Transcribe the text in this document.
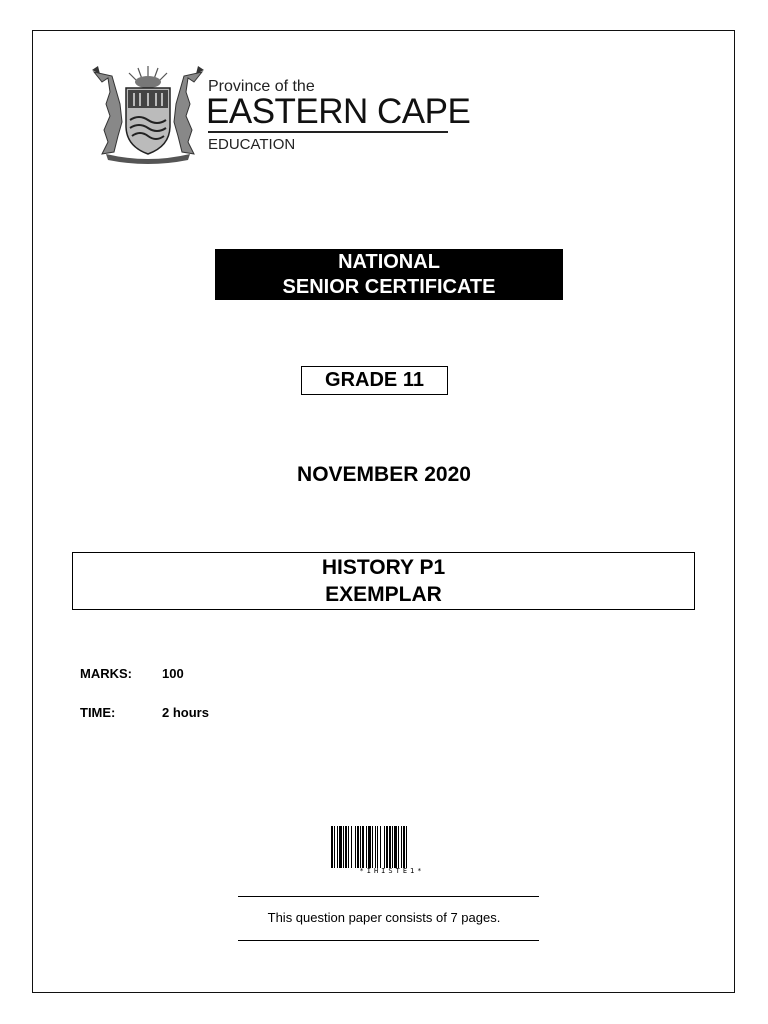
Province of the
EASTERN CAPE
EDUCATION
NATIONAL
SENIOR CERTIFICATE
GRADE 11
NOVEMBER 2020
HISTORY P1
EXEMPLAR
MARKS: 100
TIME:	2 hours
*IHISTE1*
This question paper consists of 7 pages.
